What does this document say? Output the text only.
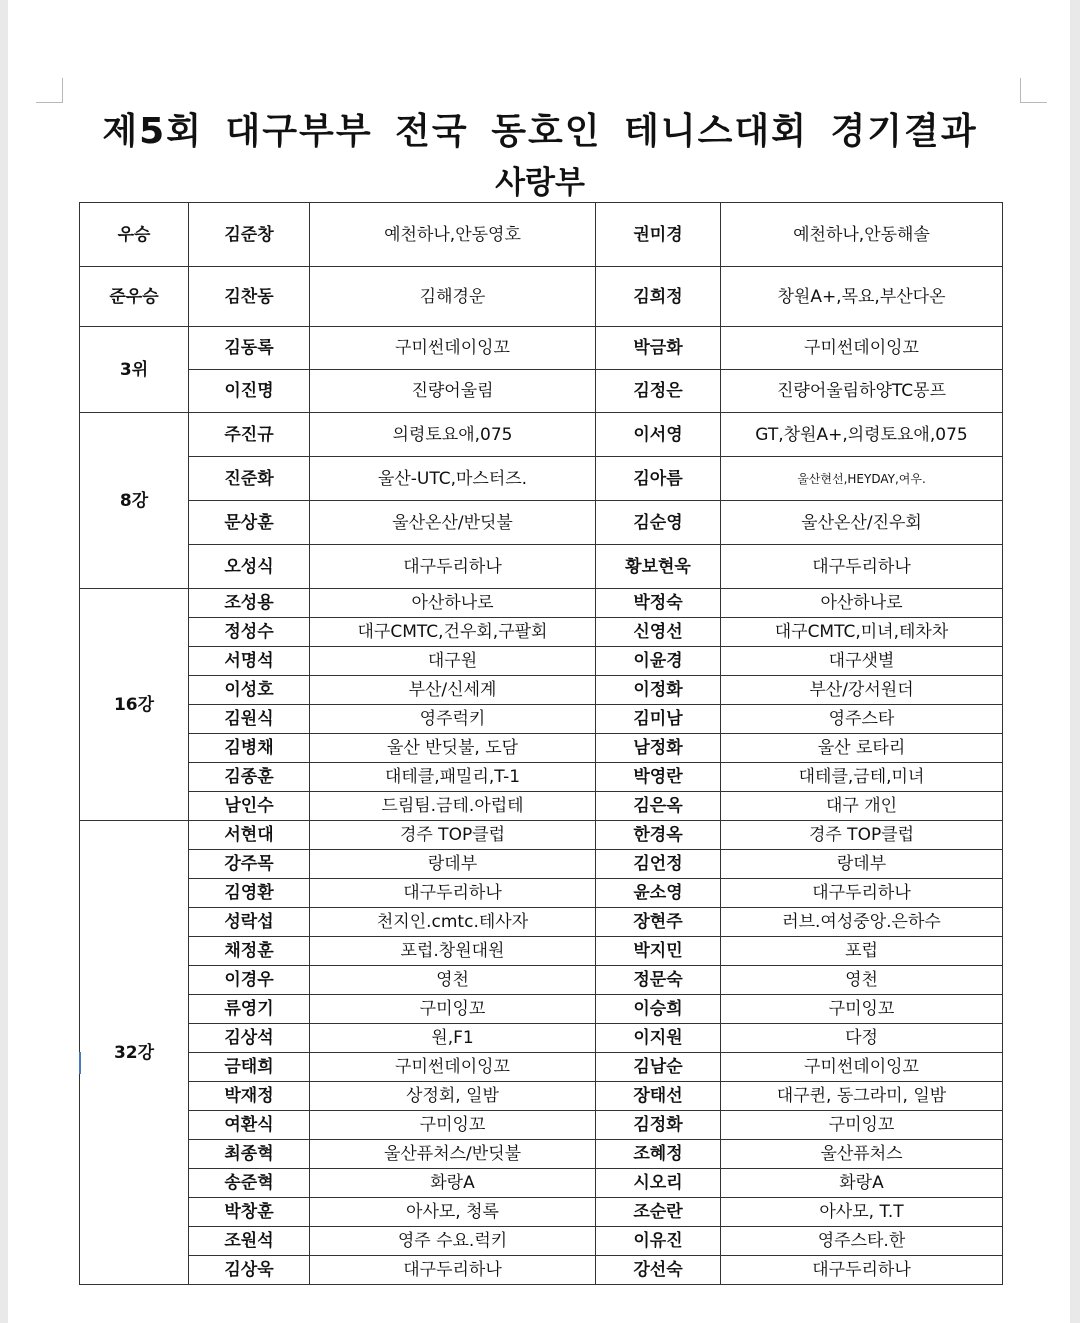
제5회 대구부부 전국 동호인 테니스대회 경기결과
사랑부
우승	김준창	예천하나,안동영호	권미경	예천하나,안동해솔
준우승	김찬동	김해경운	김희정	창원A+,목요,부산다온
3위	김동록	구미썬데이잉꼬	박금화	구미썬데이잉꼬
	이진명	진량어울림	김정은	진량어울림하양TC몽프
8강	주진규	의령토요애,075	이서영	GT,창원A+,의령토요애,075
	진준화	울산-UTC,마스터즈.	김아름	울산현선,HEYDAY,여우.
	문상훈	울산온산/반딧불	김순영	울산온산/진우회
	오성식	대구두리하나	황보현욱	대구두리하나
16강	조성용	아산하나로	박정숙	아산하나로
	정성수	대구CMTC,건우회,구팔회	신영선	대구CMTC,미녀,테차차
	서명석	대구원	이윤경	대구샛별
	이성호	부산/신세계	이정화	부산/강서원더
	김원식	영주럭키	김미남	영주스타
	김병채	울산 반딧불, 도담	남정화	울산 로타리
	김종훈	대테클,패밀리,T-1	박영란	대테클,금테,미녀
	남인수	드림팀.금테.아럽테	김은옥	대구 개인
32강	서현대	경주 TOP클럽	한경옥	경주 TOP클럽
	강주목	랑데부	김언정	랑데부
	김영환	대구두리하나	윤소영	대구두리하나
	성락섭	천지인.cmtc.테사자	장현주	러브.여성중앙.은하수
	채정훈	포럽.창원대원	박지민	포럽
	이경우	영천	정문숙	영천
	류영기	구미잉꼬	이승희	구미잉꼬
	김상석	원,F1	이지원	다정
	금태희	구미썬데이잉꼬	김남순	구미썬데이잉꼬
	박재정	상정회, 일밤	장태선	대구퀸, 동그라미, 일밤
	여환식	구미잉꼬	김정화	구미잉꼬
	최종혁	울산퓨처스/반딧불	조혜정	울산퓨처스
	송준혁	화랑A	시오리	화랑A
	박창훈	아사모, 청록	조순란	아사모, T.T
	조원석	영주 수요.럭키	이유진	영주스타.한
	김상욱	대구두리하나	강선숙	대구두리하나
